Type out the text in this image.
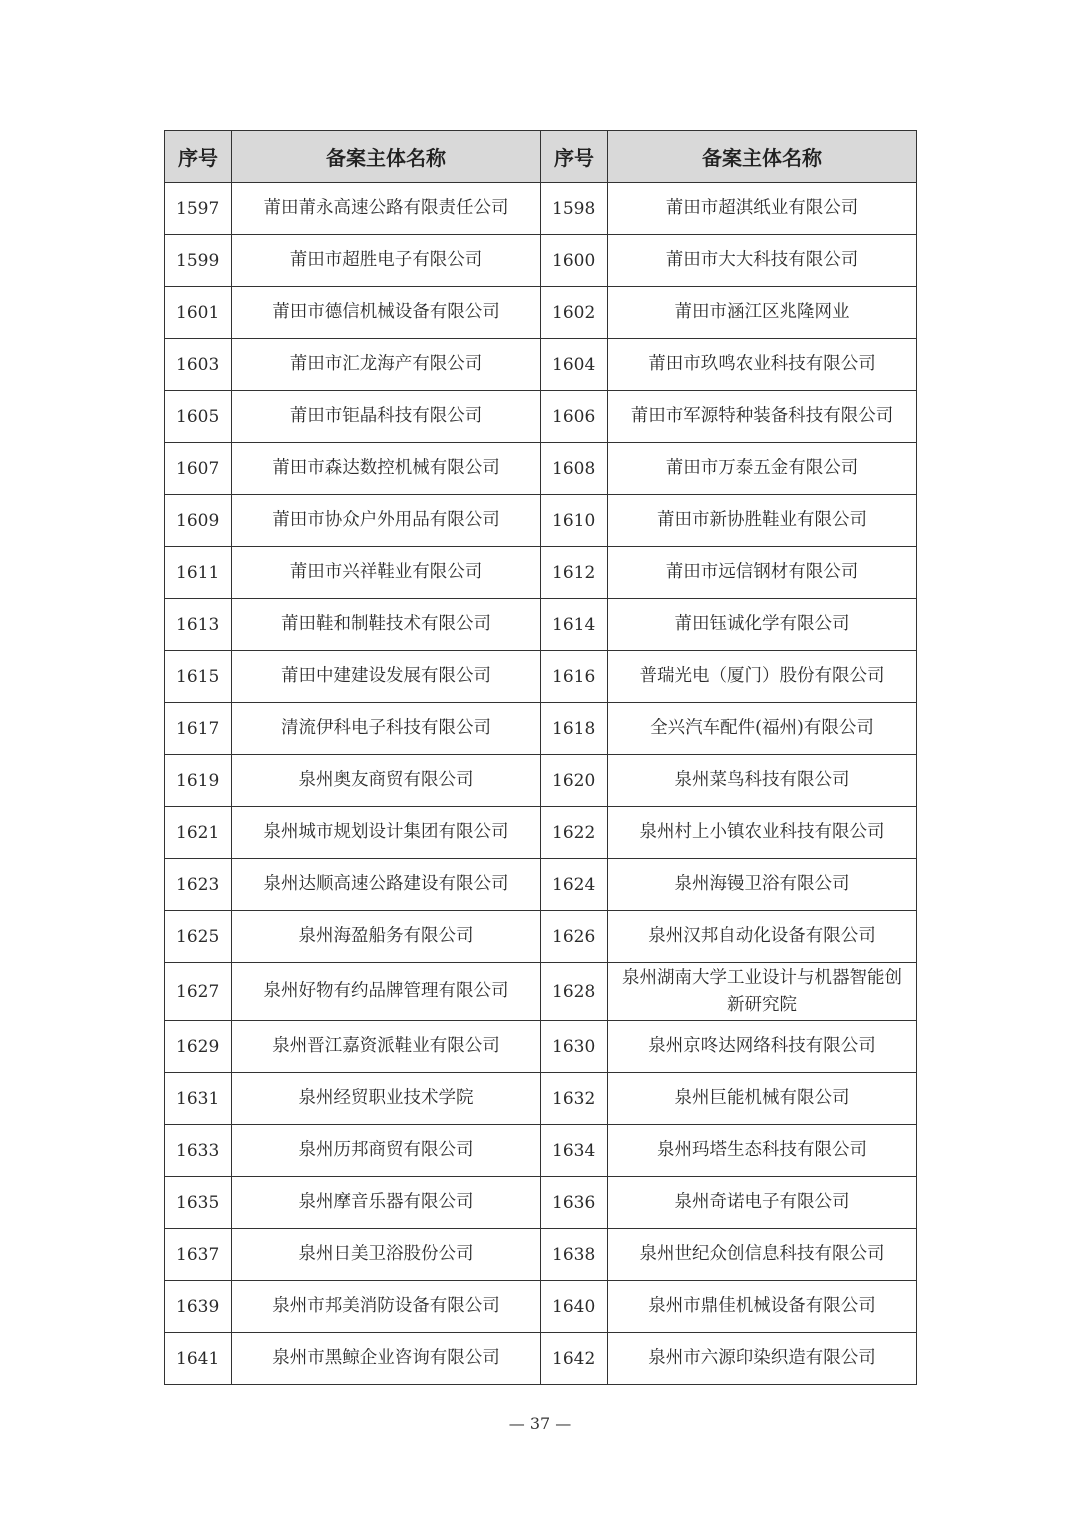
序号	备案主体名称	序号	备案主体名称
1597	莆田莆永高速公路有限责任公司	1598	莆田市超淇纸业有限公司
1599	莆田市超胜电子有限公司	1600	莆田市大大科技有限公司
1601	莆田市德信机械设备有限公司	1602	莆田市涵江区兆隆网业
1603	莆田市汇龙海产有限公司	1604	莆田市玖鸣农业科技有限公司
1605	莆田市钜晶科技有限公司	1606	莆田市军源特种装备科技有限公司
1607	莆田市森达数控机械有限公司	1608	莆田市万泰五金有限公司
1609	莆田市协众户外用品有限公司	1610	莆田市新协胜鞋业有限公司
1611	莆田市兴祥鞋业有限公司	1612	莆田市远信钢材有限公司
1613	莆田鞋和制鞋技术有限公司	1614	莆田钰诚化学有限公司
1615	莆田中建建设发展有限公司	1616	普瑞光电（厦门）股份有限公司
1617	清流伊科电子科技有限公司	1618	全兴汽车配件(福州)有限公司
1619	泉州奥友商贸有限公司	1620	泉州菜鸟科技有限公司
1621	泉州城市规划设计集团有限公司	1622	泉州村上小镇农业科技有限公司
1623	泉州达顺高速公路建设有限公司	1624	泉州海镘卫浴有限公司
1625	泉州海盈船务有限公司	1626	泉州汉邦自动化设备有限公司
1627	泉州好物有约品牌管理有限公司	1628	泉州湖南大学工业设计与机器智能创新研究院
1629	泉州晋江嘉资派鞋业有限公司	1630	泉州京咚达网络科技有限公司
1631	泉州经贸职业技术学院	1632	泉州巨能机械有限公司
1633	泉州历邦商贸有限公司	1634	泉州玛塔生态科技有限公司
1635	泉州摩音乐器有限公司	1636	泉州奇诺电子有限公司
1637	泉州日美卫浴股份公司	1638	泉州世纪众创信息科技有限公司
1639	泉州市邦美消防设备有限公司	1640	泉州市鼎佳机械设备有限公司
1641	泉州市黑鲸企业咨询有限公司	1642	泉州市六源印染织造有限公司
— 37 —
